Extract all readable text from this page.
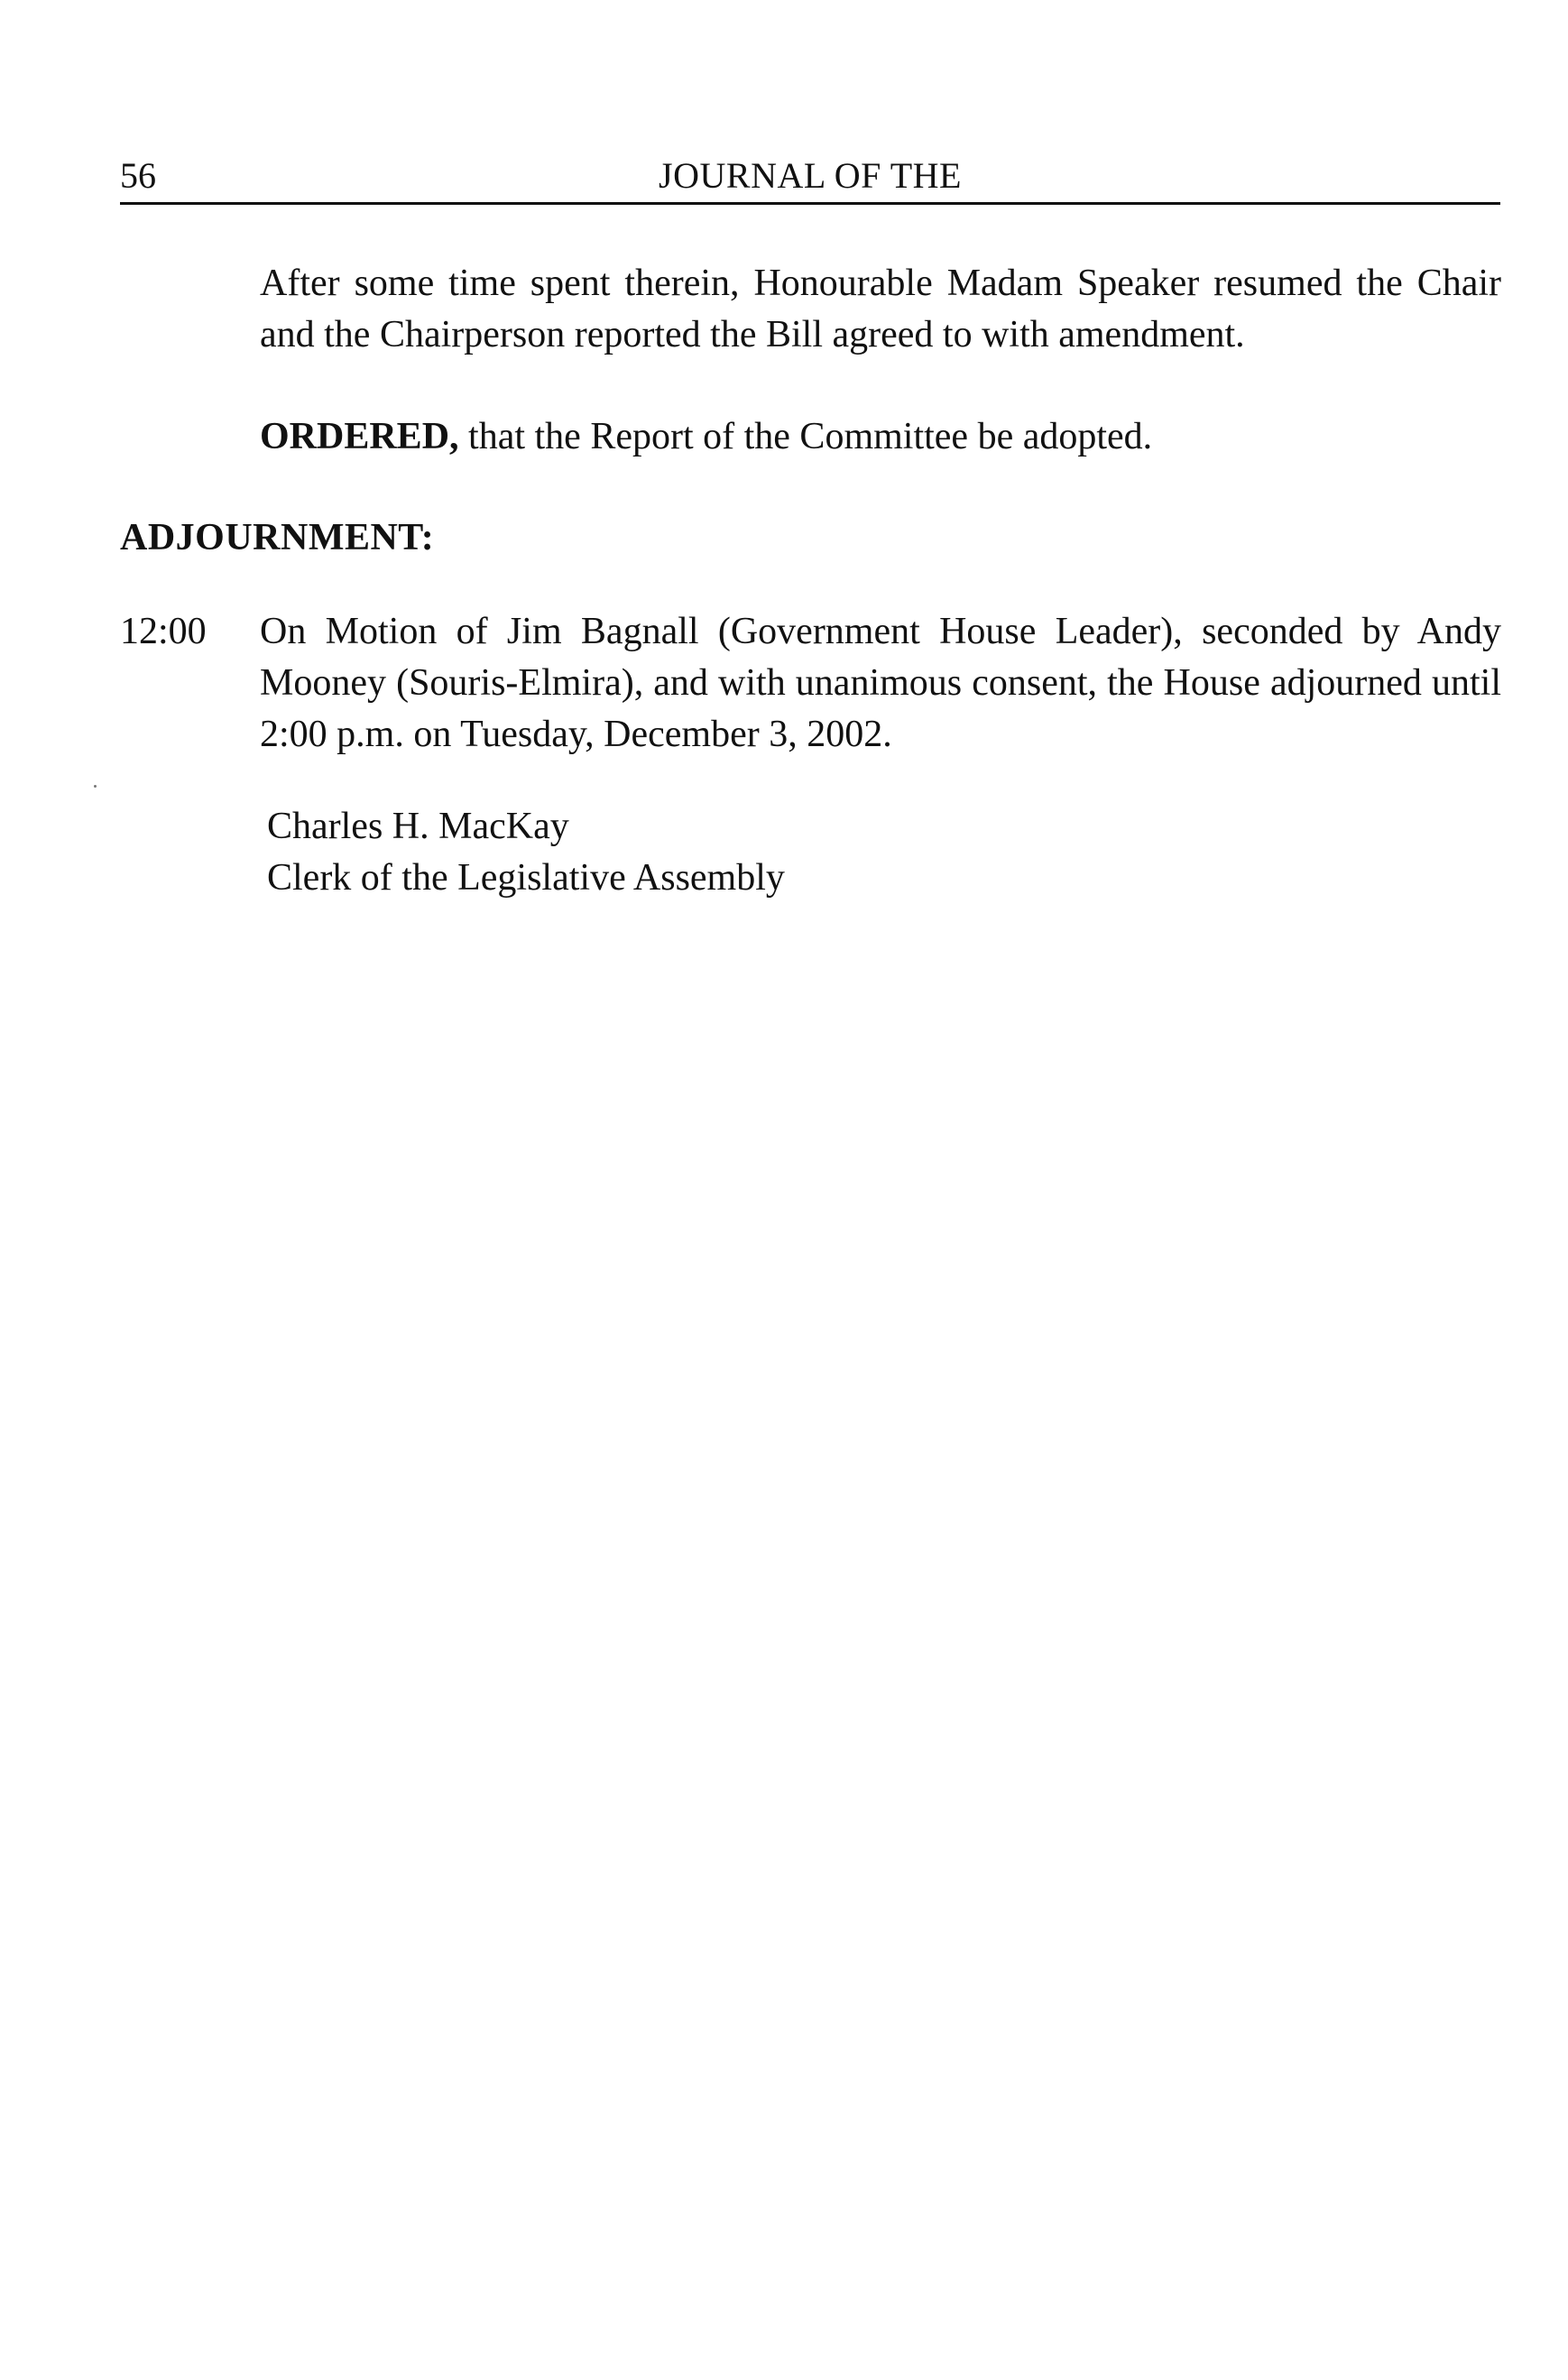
56	JOURNAL OF THE
After some time spent therein, Honourable Madam Speaker resumed the Chair and the Chairperson reported the Bill agreed to with amendment.
ORDERED, that the Report of the Committee be adopted.
ADJOURNMENT:
12:00 On Motion of Jim Bagnall (Government House Leader), seconded by Andy Mooney (Souris-Elmira), and with unanimous consent, the House adjourned until 2:00 p.m. on Tuesday, December 3, 2002.
Charles H. MacKay
Clerk of the Legislative Assembly
